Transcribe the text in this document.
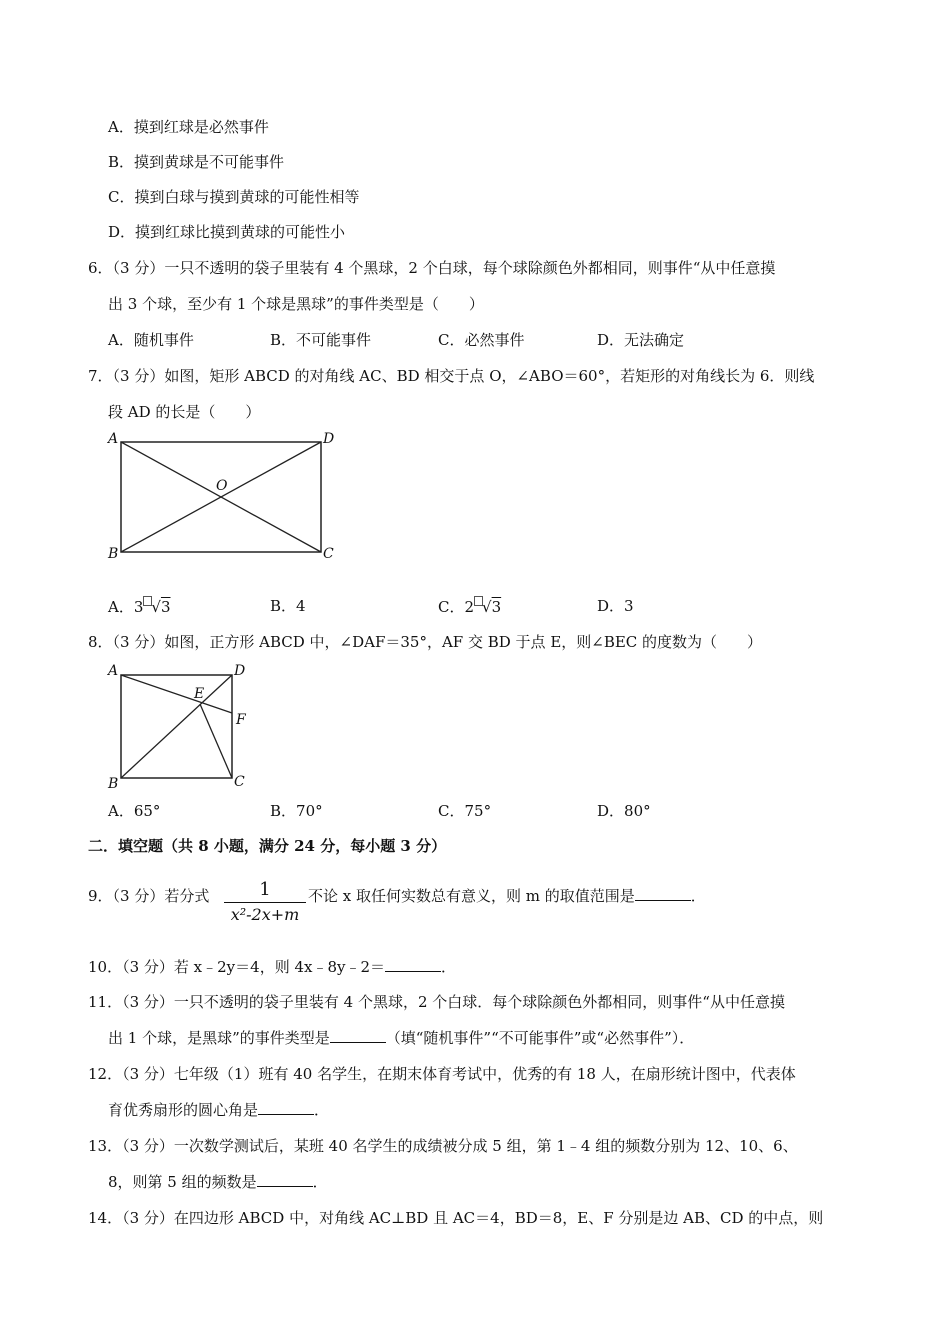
A．摸到红球是必然事件
B．摸到黄球是不可能事件
C．摸到白球与摸到黄球的可能性相等
D．摸到红球比摸到黄球的可能性小
6．（3 分）一只不透明的袋子里装有 4 个黑球，2 个白球，每个球除颜色外都相同，则事件“从中任意摸
出 3 个球，至少有 1 个球是黑球”的事件类型是（　　）
A．随机事件	B．不可能事件	C．必然事件	D．无法确定
7．（3 分）如图，矩形 ABCD 的对角线 AC、BD 相交于点 O，∠ABO＝60°，若矩形的对角线长为 6．则线
段 AD 的长是（　　）
A	D
B	C
O
A．3 √3	B．4	C．2 √3	D．3
8．（3 分）如图，正方形 ABCD 中，∠DAF＝35°，AF 交 BD 于点 E，则∠BEC 的度数为（　　）
A	D
B	C
E
F
A．65°	B．70°	C．75°	D．80°
二．填空题（共 8 小题，满分 24 分，每小题 3 分）
9．（3 分）若分式 $\frac{1}{\text{x²-2x+m}}$ 不论 x 取任何实数总有意义，则 m 的取值范围是	．
10．（3 分）若 x﹣2y＝4，则 4x﹣8y﹣2＝	．
11．（3 分）一只不透明的袋子里装有 4 个黑球，2 个白球．每个球除颜色外都相同，则事件“从中任意摸
出 1 个球，是黑球”的事件类型是	（填“随机事件”“不可能事件”或“必然事件”）．
12．（3 分）七年级（1）班有 40 名学生，在期末体育考试中，优秀的有 18 人，在扇形统计图中，代表体
育优秀扇形的圆心角是	．
13．（3 分）一次数学测试后，某班 40 名学生的成绩被分成 5 组，第 1﹣4 组的频数分别为 12、10、6、
8，则第 5 组的频数是	．
14．（3 分）在四边形 ABCD 中，对角线 AC⊥BD 且 AC＝4，BD＝8，E、F 分别是边 AB、CD 的中点，则
